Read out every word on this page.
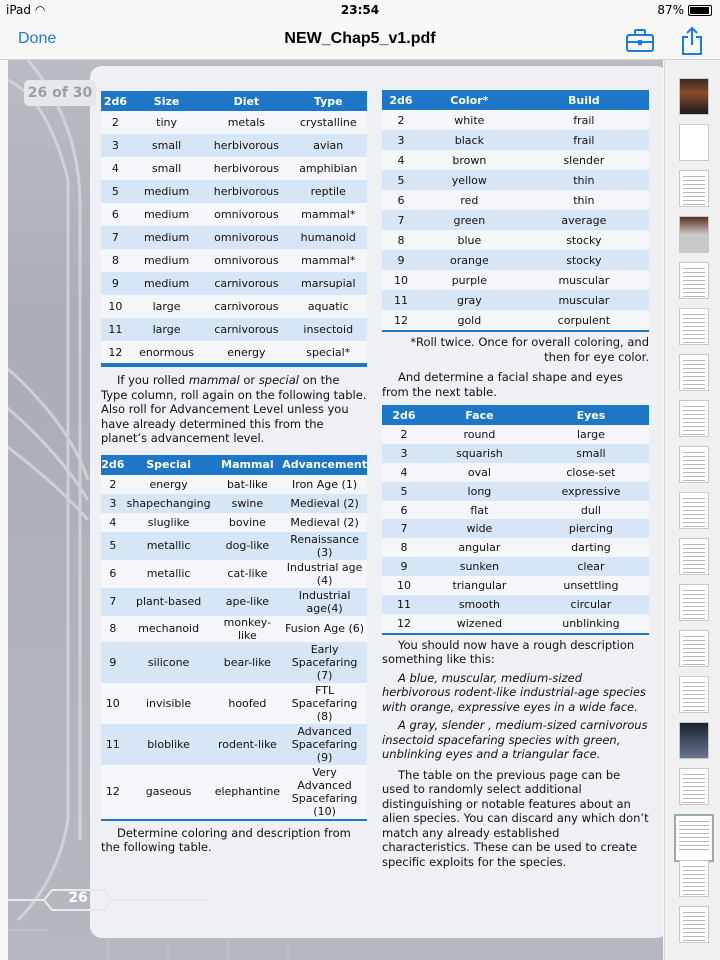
iPad ◠	23:54	87%
Done	NEW_Chap5_v1.pdf
26 of 30	2d6	Size	Diet	Type
2	tiny	metals	crystalline
3	small	herbivorous	avian
4	small	herbivorous	amphibian
5	medium	herbivorous	reptile
6	medium	omnivorous	mammal*
7	medium	omnivorous	humanoid
8	medium	omnivorous	mammal*
9	medium	carnivorous	marsupial
10	large	carnivorous	aquatic
11	large	carnivorous	insectoid
12	enormous	energy	special*

If you rolled mammal or special on the Type column, roll again on the following table. Also roll for Advancement Level unless you have already determined this from the planet’s advancement level.

2d6	Special	Mammal	Advancement
2	energy	bat-like	Iron Age (1)
3	shapechanging	swine	Medieval (2)
4	sluglike	bovine	Medieval (2)
5	metallic	dog-like	Renaissance (3)
6	metallic	cat-like	Industrial age (4)
7	plant-based	ape-like	Industrial age(4)
8	mechanoid	monkey-like	Fusion Age (6)
9	silicone	bear-like	Early Spacefaring (7)
10	invisible	hoofed	FTL Spacefaring (8)
11	bloblike	rodent-like	Advanced Spacefaring (9)
12	gaseous	elephantine	Very Advanced Spacefaring (10)

Determine coloring and description from the following table.

2d6	Color*	Build
2	white	frail
3	black	frail
4	brown	slender
5	yellow	thin
6	red	thin
7	green	average
8	blue	stocky
9	orange	stocky
10	purple	muscular
11	gray	muscular
12	gold	corpulent

*Roll twice. Once for overall coloring, and then for eye color.

And determine a facial shape and eyes from the next table.

2d6	Face	Eyes
2	round	large
3	squarish	small
4	oval	close-set
5	long	expressive
6	flat	dull
7	wide	piercing
8	angular	darting
9	sunken	clear
10	triangular	unsettling
11	smooth	circular
12	wizened	unblinking

You should now have a rough description something like this:

A blue, muscular, medium-sized herbivorous rodent-like industrial-age species with orange, expressive eyes in a wide face.

A gray, slender , medium-sized carnivorous insectoid spacefaring species with green, unblinking eyes and a triangular face.

The table on the previous page can be used to randomly select additional distinguishing or notable features about an alien species. You can discard any which don’t match any already established characteristics. These can be used to create specific exploits for the species.

26
